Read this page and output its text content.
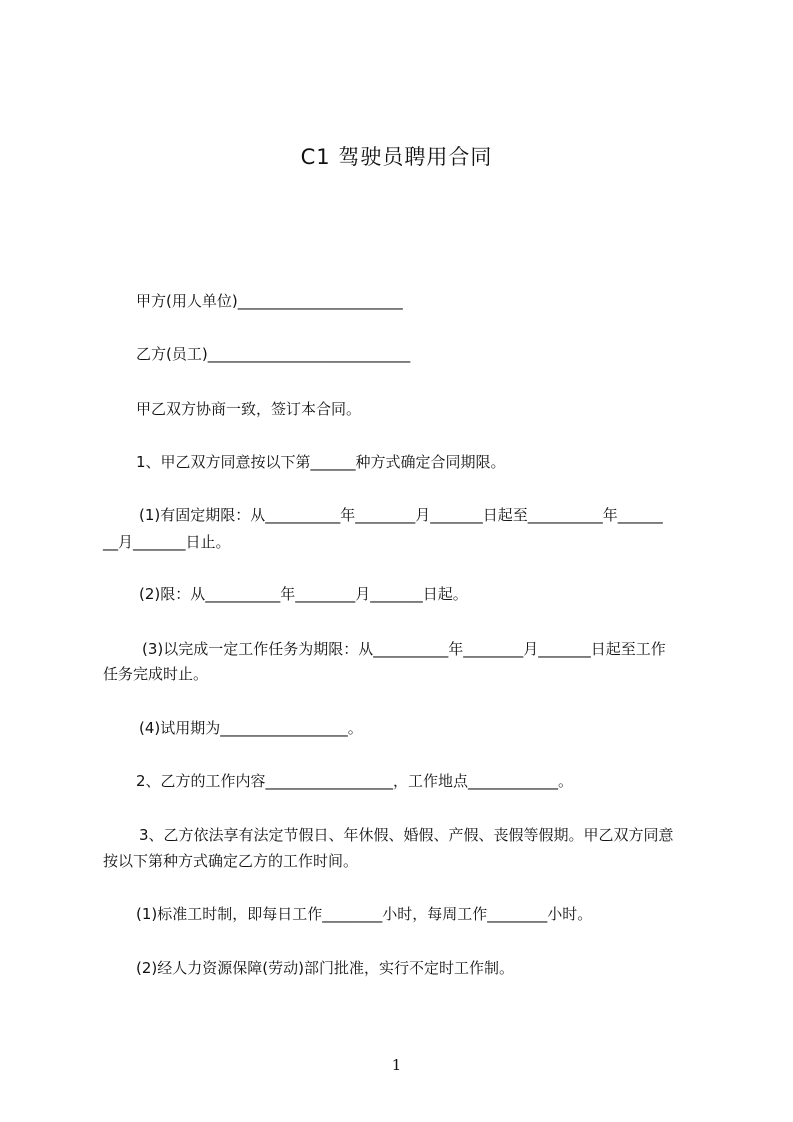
C1 驾驶员聘用合同
甲方(用人单位)______________________
乙方(员工)___________________________
甲乙双方协商一致，签订本合同。
1、甲乙双方同意按以下第______种方式确定合同期限。
(1)有固定期限：从__________年________月_______日起至__________年______
__月_______日止。
(2)限：从__________年________月_______日起。
(3)以完成一定工作任务为期限：从__________年________月_______日起至工作
任务完成时止。
(4)试用期为_________________。
2、乙方的工作内容_________________，工作地点____________。
3、乙方依法享有法定节假日、年休假、婚假、产假、丧假等假期。甲乙双方同意
按以下第种方式确定乙方的工作时间。
(1)标准工时制，即每日工作________小时，每周工作________小时。
(2)经人力资源保障(劳动)部门批准，实行不定时工作制。
1
